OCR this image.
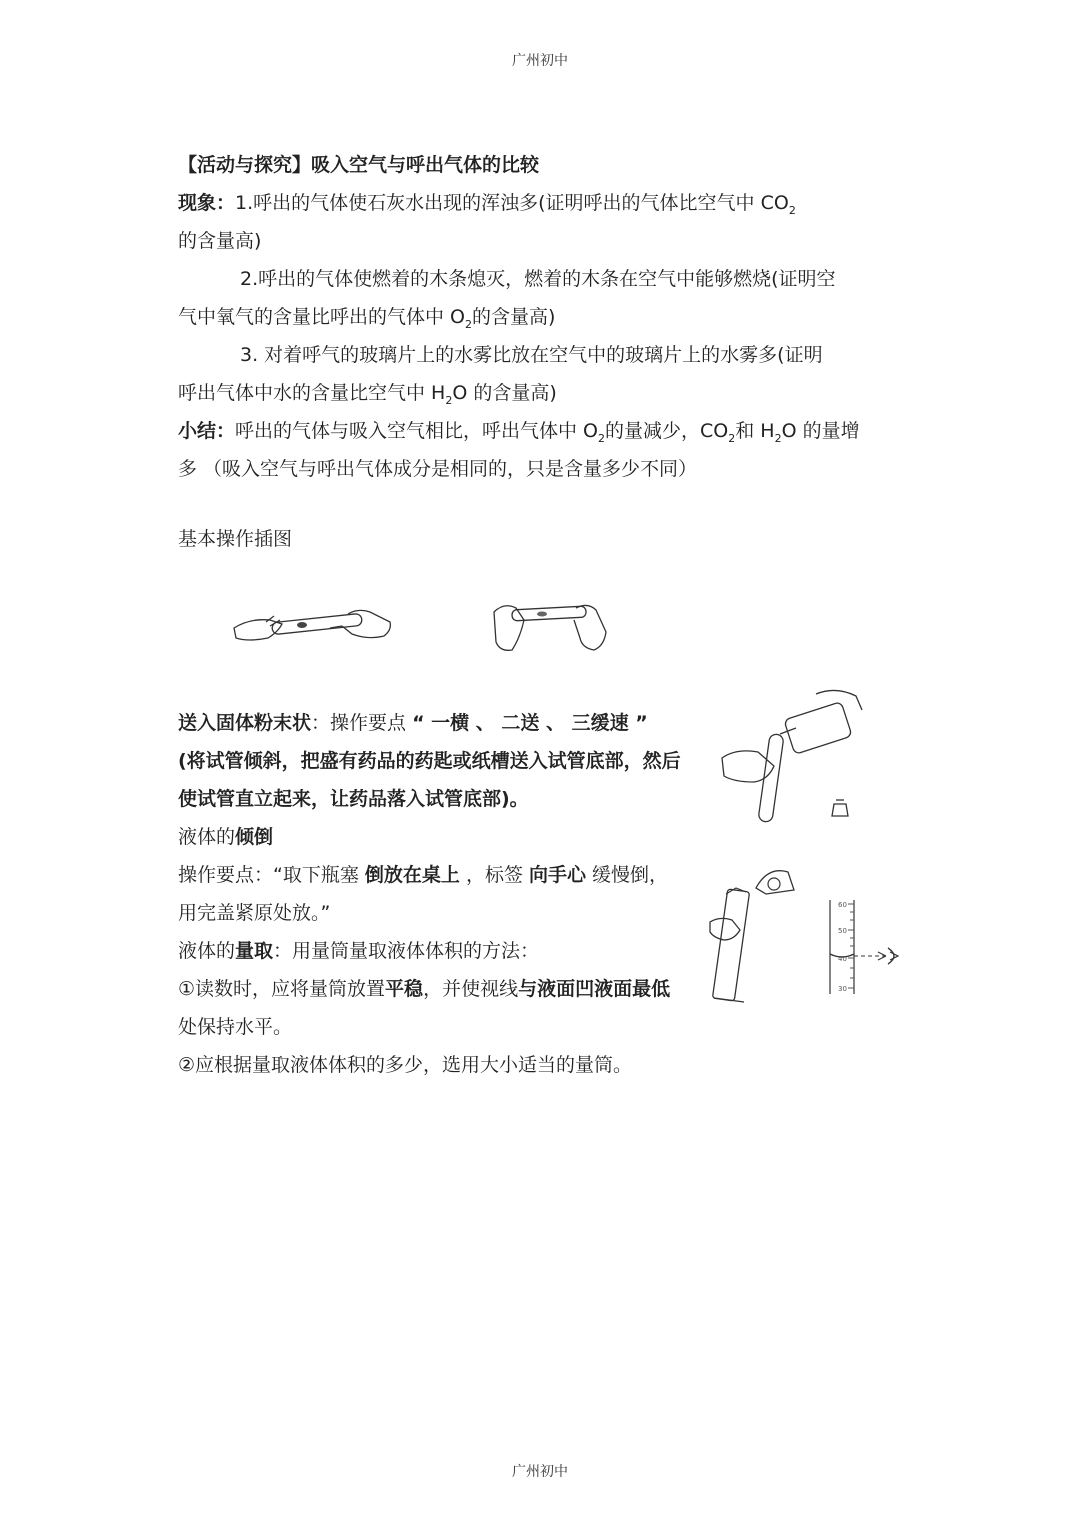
广州初中
【活动与探究】吸入空气与呼出气体的比较
现象：1.呼出的气体使石灰水出现的浑浊多(证明呼出的气体比空气中 $CO_2$
的含量高)
2.呼出的气体使燃着的木条熄灭，燃着的木条在空气中能够燃烧(证明空
气中氧气的含量比呼出的气体中 $O_2$的含量高)
3. 对着呼气的玻璃片上的水雾比放在空气中的玻璃片上的水雾多(证明
呼出气体中水的含量比空气中 $H_2O$ 的含量高)
小结：呼出的气体与吸入空气相比，呼出气体中 $O_2$的量减少，$CO_2$和 $H_2O$ 的量增
多 （吸入空气与呼出气体成分是相同的，只是含量多少不同）
基本操作插图
送入固体粉末状：操作要点 “ 一横 、 二送 、 三缓速 ”
(将试管倾斜，把盛有药品的药匙或纸槽送入试管底部，然后
使试管直立起来，让药品落入试管底部)。
液体的倾倒
操作要点：“取下瓶塞 倒放在桌上 ，标签 向手心 缓慢倒，
用完盖紧原处放。”
液体的量取：用量筒量取液体体积的方法：
①读数时，应将量筒放置平稳，并使视线与液面凹液面最低
处保持水平。
②应根据量取液体体积的多少，选用大小适当的量筒。
60
50
40
30
广州初中
